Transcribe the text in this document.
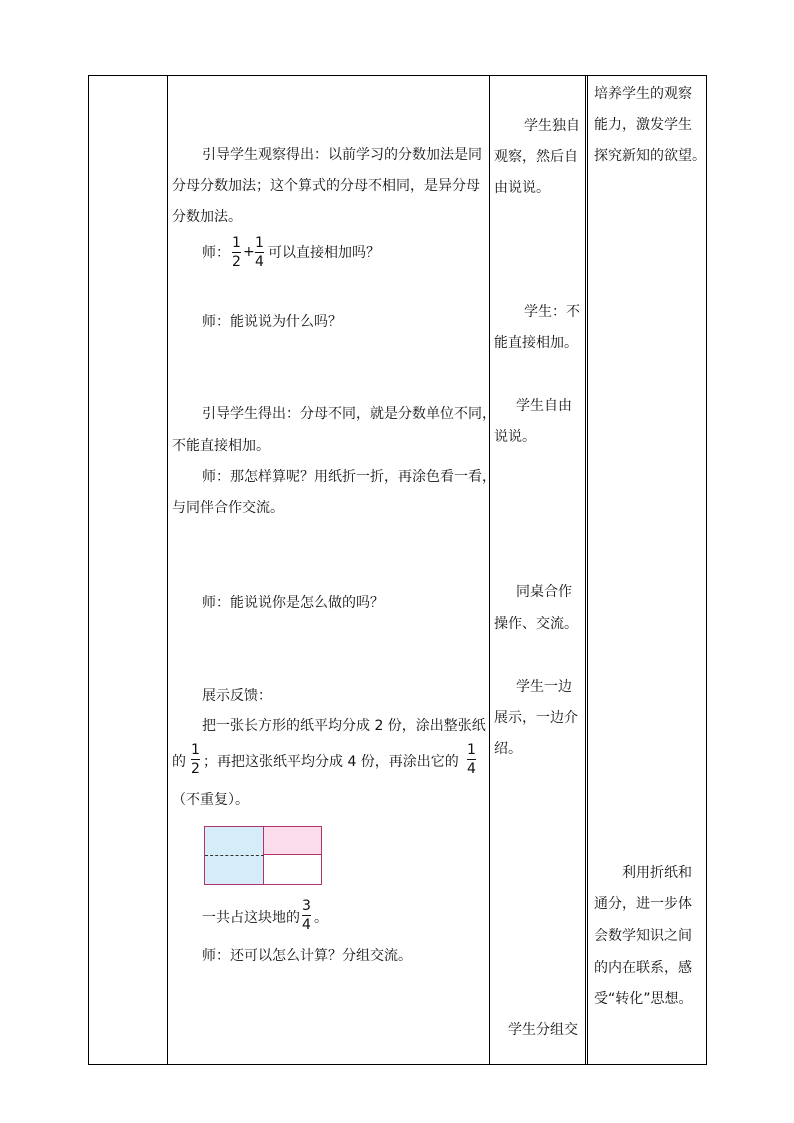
引导学生观察得出：以前学习的分数加法是同
分母分数加法；这个算式的分母不相同，是异分母
分数加法。
师：
1
2
+
1
4
可以直接相加吗？
师：能说说为什么吗？
引导学生得出：分母不同，就是分数单位不同，
不能直接相加。
师：那怎样算呢？用纸折一折，再涂色看一看，
与同伴合作交流。
师：能说说你是怎么做的吗？
展示反馈：
把一张长方形的纸平均分成 2 份，涂出整张纸
的
1
2 ；再把这张纸平均分成 4 份，再涂出它的
1
4
（不重复）。
一共占这块地的
3
4 。
师：还可以怎么计算？分组交流。
学生独自
观察，然后自
由说说。
学生：不
能直接相加。
学生自由
说说。
同桌合作
操作、交流。
学生一边
展示，一边介
绍。
学生分组交
培养学生的观察
能力，激发学生
探究新知的欲望。
利用折纸和
通分，进一步体
会数学知识之间
的内在联系，感
受“转化”思想。
